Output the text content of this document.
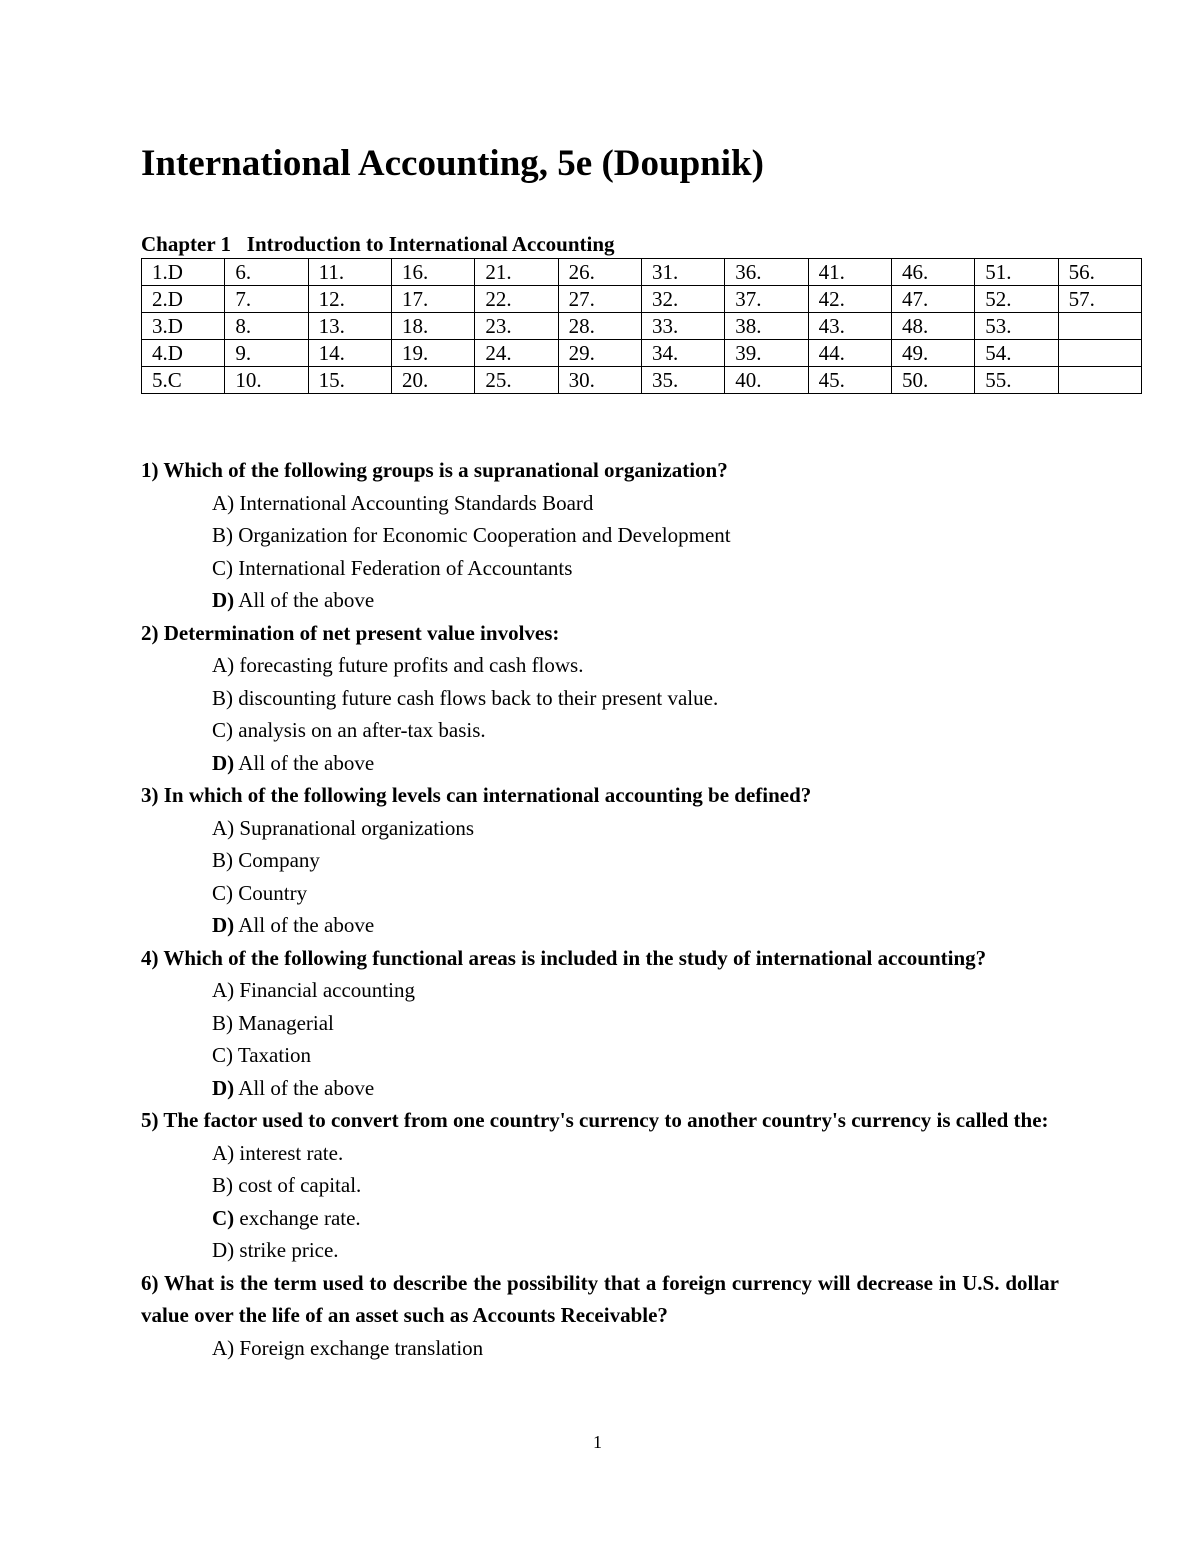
International Accounting, 5e (Doupnik)
Chapter 1 Introduction to International Accounting
1.D	6.	11.	16.	21.	26.	31.	36.	41.	46.	51.	56.
2.D	7.	12.	17.	22.	27.	32.	37.	42.	47.	52.	57.
3.D	8.	13.	18.	23.	28.	33.	38.	43.	48.	53.	
4.D	9.	14.	19.	24.	29.	34.	39.	44.	49.	54.	
5.C	10.	15.	20.	25.	30.	35.	40.	45.	50.	55.	
1) Which of the following groups is a supranational organization?
A) International Accounting Standards Board
B) Organization for Economic Cooperation and Development
C) International Federation of Accountants
D) All of the above
2) Determination of net present value involves:
A) forecasting future profits and cash flows.
B) discounting future cash flows back to their present value.
C) analysis on an after-tax basis.
D) All of the above
3) In which of the following levels can international accounting be defined?
A) Supranational organizations
B) Company
C) Country
D) All of the above
4) Which of the following functional areas is included in the study of international accounting?
A) Financial accounting
B) Managerial
C) Taxation
D) All of the above
5) The factor used to convert from one country's currency to another country's currency is called the:
A) interest rate.
B) cost of capital.
C) exchange rate.
D) strike price.
6) What is the term used to describe the possibility that a foreign currency will decrease in U.S. dollar value over the life of an asset such as Accounts Receivable?
A) Foreign exchange translation
1
